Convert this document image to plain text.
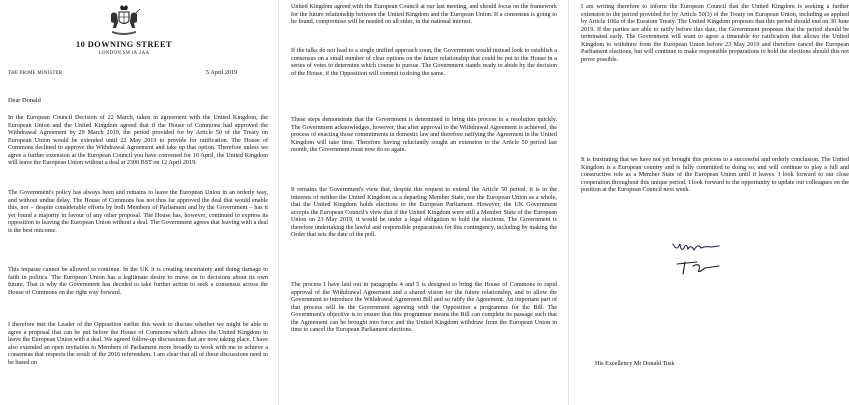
10 DOWNING STREET
LONDON SW1A 2AA
THE PRIME MINISTER	5 April 2019
Dear Donald

In the European Council Decision of 22 March, taken in agreement with the United Kingdom, the European Union and the United Kingdom agreed that if the House of Commons had approved the Withdrawal Agreement by 29 March 2019, the period provided for by Article 50 of the Treaty on European Union would be extended until 22 May 2019 to provide for ratification. The House of Commons declined to approve the Withdrawal Agreement and take up that option. Therefore unless we agree a further extension at the European Council you have convened for 10 April, the United Kingdom will leave the European Union without a deal at 2300 BST on 12 April 2019.

The Government's policy has always been and remains to leave the European Union in an orderly way, and without undue delay. The House of Commons has not thus far approved the deal that would enable this, nor – despite considerable efforts by both Members of Parliament and by the Government – has it yet found a majority in favour of any other proposal. The House has, however, continued to express its opposition to leaving the European Union without a deal. The Government agrees that leaving with a deal is the best outcome.

This impasse cannot be allowed to continue. In the UK it is creating uncertainty and doing damage to faith in politics. The European Union has a legitimate desire to move on to decisions about its own future. That is why the Government has decided to take further action to seek a consensus across the House of Commons on the right way forward.

I therefore met the Leader of the Opposition earlier this week to discuss whether we might be able to agree a proposal that can be put before the House of Commons which allows the United Kingdom to leave the European Union with a deal. We agreed follow-up discussions that are now taking place. I have also extended an open invitation to Members of Parliament more broadly to work with me to achieve a consensus that respects the result of the 2016 referendum. I am clear that all of these discussions need to be based on

United Kingdom agreed with the European Council at our last meeting, and should focus on the framework for the future relationship between the United Kingdom and the European Union. If a consensus is going to be found, compromise will be needed on all sides, in the national interest.

If the talks do not lead to a single unified approach soon, the Government would instead look to establish a consensus on a small number of clear options on the future relationship that could be put to the House in a series of votes to determine which course to pursue. The Government stands ready to abide by the decision of the House, if the Opposition will commit to doing the same.

These steps demonstrate that the Government is determined to bring this process to a resolution quickly. The Government acknowledges, however, that after approval to the Withdrawal Agreement is achieved, the process of enacting those commitments in domestic law and therefore ratifying the Agreement in the United Kingdom will take time. Therefore having reluctantly sought an extension to the Article 50 period last month, the Government must now do so again.

It remains the Government's view that, despite this request to extend the Article 50 period, it is in the interests of neither the United Kingdom as a departing Member State, nor the European Union as a whole, that the United Kingdom holds elections to the European Parliament. However, the UK Government accepts the European Council's view that if the United Kingdom were still a Member State of the European Union on 23 May 2019, it would be under a legal obligation to hold the elections. The Government is therefore undertaking the lawful and responsible preparations for this contingency, including by making the Order that sets the date of the poll.

The process I have laid out in paragraphs 4 and 5 is designed to bring the House of Commons to rapid approval of the Withdrawal Agreement and a shared vision for the future relationship, and to allow the Government to introduce the Withdrawal Agreement Bill and so ratify the Agreement. An important part of that process will be the Government agreeing with the Opposition a programme for the Bill. The Government's objective is to ensure that this programme means the Bill can complete its passage such that the Agreement can be brought into force and the United Kingdom withdraw from the European Union in time to cancel the European Parliament elections.

I am writing therefore to inform the European Council that the United Kingdom is seeking a further extension to the period provided for by Article 50(3) of the Treaty on European Union, including as applied by Article 106a of the Euratom Treaty. The United Kingdom proposes that this period should end on 30 June 2019. If the parties are able to ratify before this date, the Government proposes that the period should be terminated early. The Government will want to agree a timetable for ratification that allows the United Kingdom to withdraw from the European Union before 23 May 2019 and therefore cancel the European Parliament elections, but will continue to make responsible preparations to hold the elections should this not prove possible.

It is frustrating that we have not yet brought this process to a successful and orderly conclusion. The United Kingdom is a European country and is fully committed to doing so, and will continue to play a full and constructive role as a Member State of the European Union until it leaves. I look forward to our close cooperation throughout this unique period. I look forward to the opportunity to update our colleagues on the position at the European Council next week.

His Excellency Mr Donald Tusk
